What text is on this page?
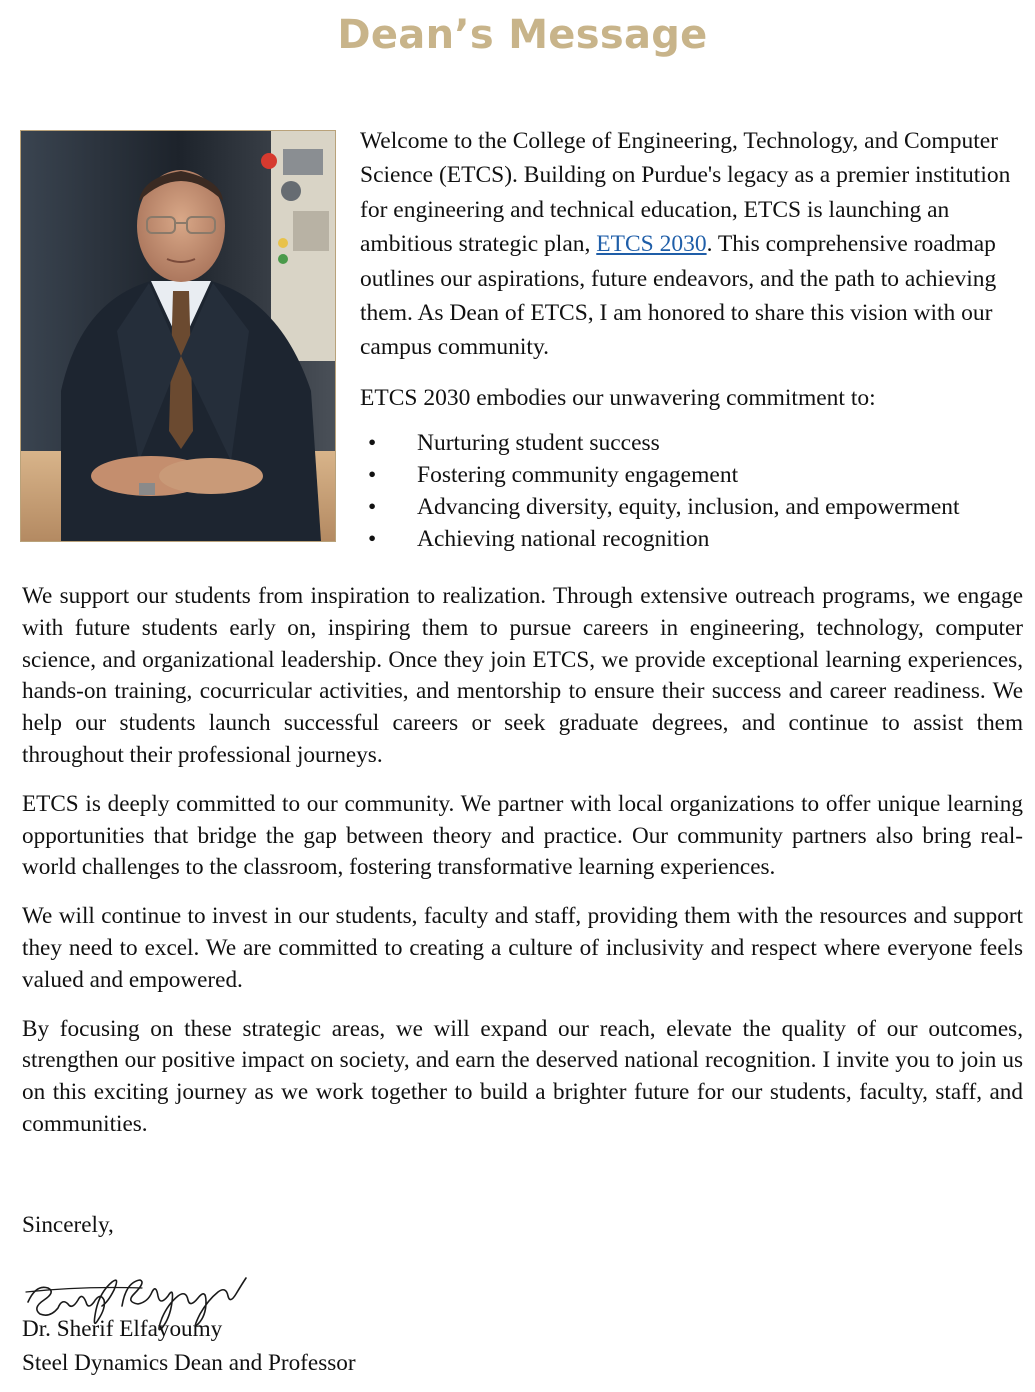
Dean’s Message

Welcome to the College of Engineering, Technology, and Computer Science (ETCS). Building on Purdue's legacy as a premier institution for engineering and technical education, ETCS is launching an ambitious strategic plan, ETCS 2030. This comprehensive roadmap outlines our aspirations, future endeavors, and the path to achieving them. As Dean of ETCS, I am honored to share this vision with our campus community.

ETCS 2030 embodies our unwavering commitment to:

• Nurturing student success
• Fostering community engagement
• Advancing diversity, equity, inclusion, and empowerment
• Achieving national recognition

We support our students from inspiration to realization. Through extensive outreach programs, we engage with future students early on, inspiring them to pursue careers in engineering, technology, computer science, and organizational leadership. Once they join ETCS, we provide exceptional learning experiences, hands-on training, cocurricular activities, and mentorship to ensure their success and career readiness. We help our students launch successful careers or seek graduate degrees, and continue to assist them throughout their professional journeys.

ETCS is deeply committed to our community. We partner with local organizations to offer unique learning opportunities that bridge the gap between theory and practice. Our community partners also bring real-world challenges to the classroom, fostering transformative learning experiences.

We will continue to invest in our students, faculty and staff, providing them with the resources and support they need to excel. We are committed to creating a culture of inclusivity and respect where everyone feels valued and empowered.

By focusing on these strategic areas, we will expand our reach, elevate the quality of our outcomes, strengthen our positive impact on society, and earn the deserved national recognition. I invite you to join us on this exciting journey as we work together to build a brighter future for our students, faculty, staff, and communities.

Sincerely,

Dr. Sherif Elfayoumy

Steel Dynamics Dean and Professor
